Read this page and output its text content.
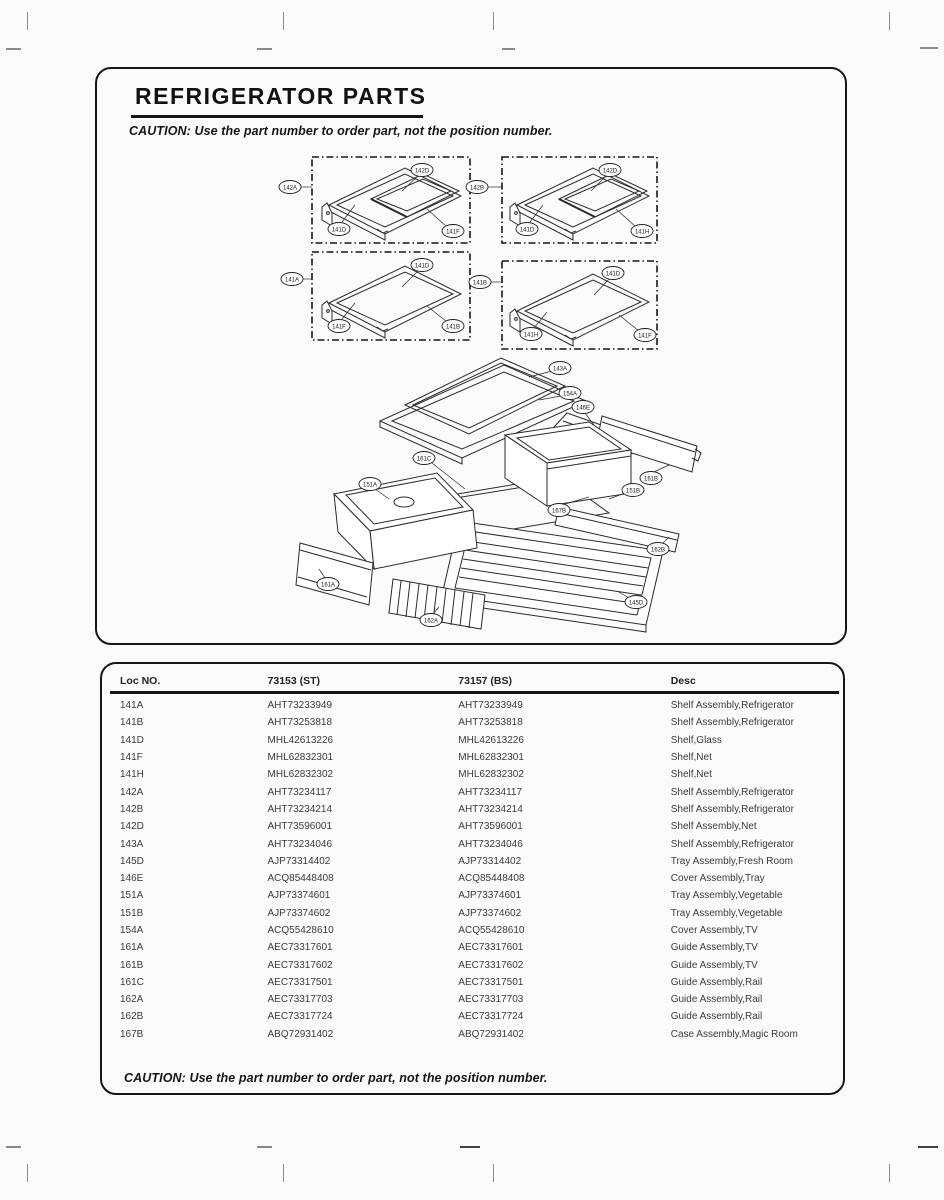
REFRIGERATOR PARTS
CAUTION: Use the part number to order part, not the position number.
142A
142D
141D	141F
142B
142D
141D	141H
141A
141D
141F	141B
141B
141D
141H	141F
143A
154A
146E
161C
151A
161B
151B
167B
162B
161A
162A
145D
Loc NO.	73153 (ST)	73157 (BS)	Desc
141A	AHT73233949	AHT73233949	Shelf Assembly,Refrigerator
141B	AHT73253818	AHT73253818	Shelf Assembly,Refrigerator
141D	MHL42613226	MHL42613226	Shelf,Glass
141F	MHL62832301	MHL62832301	Shelf,Net
141H	MHL62832302	MHL62832302	Shelf,Net
142A	AHT73234117	AHT73234117	Shelf Assembly,Refrigerator
142B	AHT73234214	AHT73234214	Shelf Assembly,Refrigerator
142D	AHT73596001	AHT73596001	Shelf Assembly,Net
143A	AHT73234046	AHT73234046	Shelf Assembly,Refrigerator
145D	AJP73314402	AJP73314402	Tray Assembly,Fresh Room
146E	ACQ85448408	ACQ85448408	Cover Assembly,Tray
151A	AJP73374601	AJP73374601	Tray Assembly,Vegetable
151B	AJP73374602	AJP73374602	Tray Assembly,Vegetable
154A	ACQ55428610	ACQ55428610	Cover Assembly,TV
161A	AEC73317601	AEC73317601	Guide Assembly,TV
161B	AEC73317602	AEC73317602	Guide Assembly,TV
161C	AEC73317501	AEC73317501	Guide Assembly,Rail
162A	AEC73317703	AEC73317703	Guide Assembly,Rail
162B	AEC73317724	AEC73317724	Guide Assembly,Rail
167B	ABQ72931402	ABQ72931402	Case Assembly,Magic Room
CAUTION: Use the part number to order part, not the position number.
